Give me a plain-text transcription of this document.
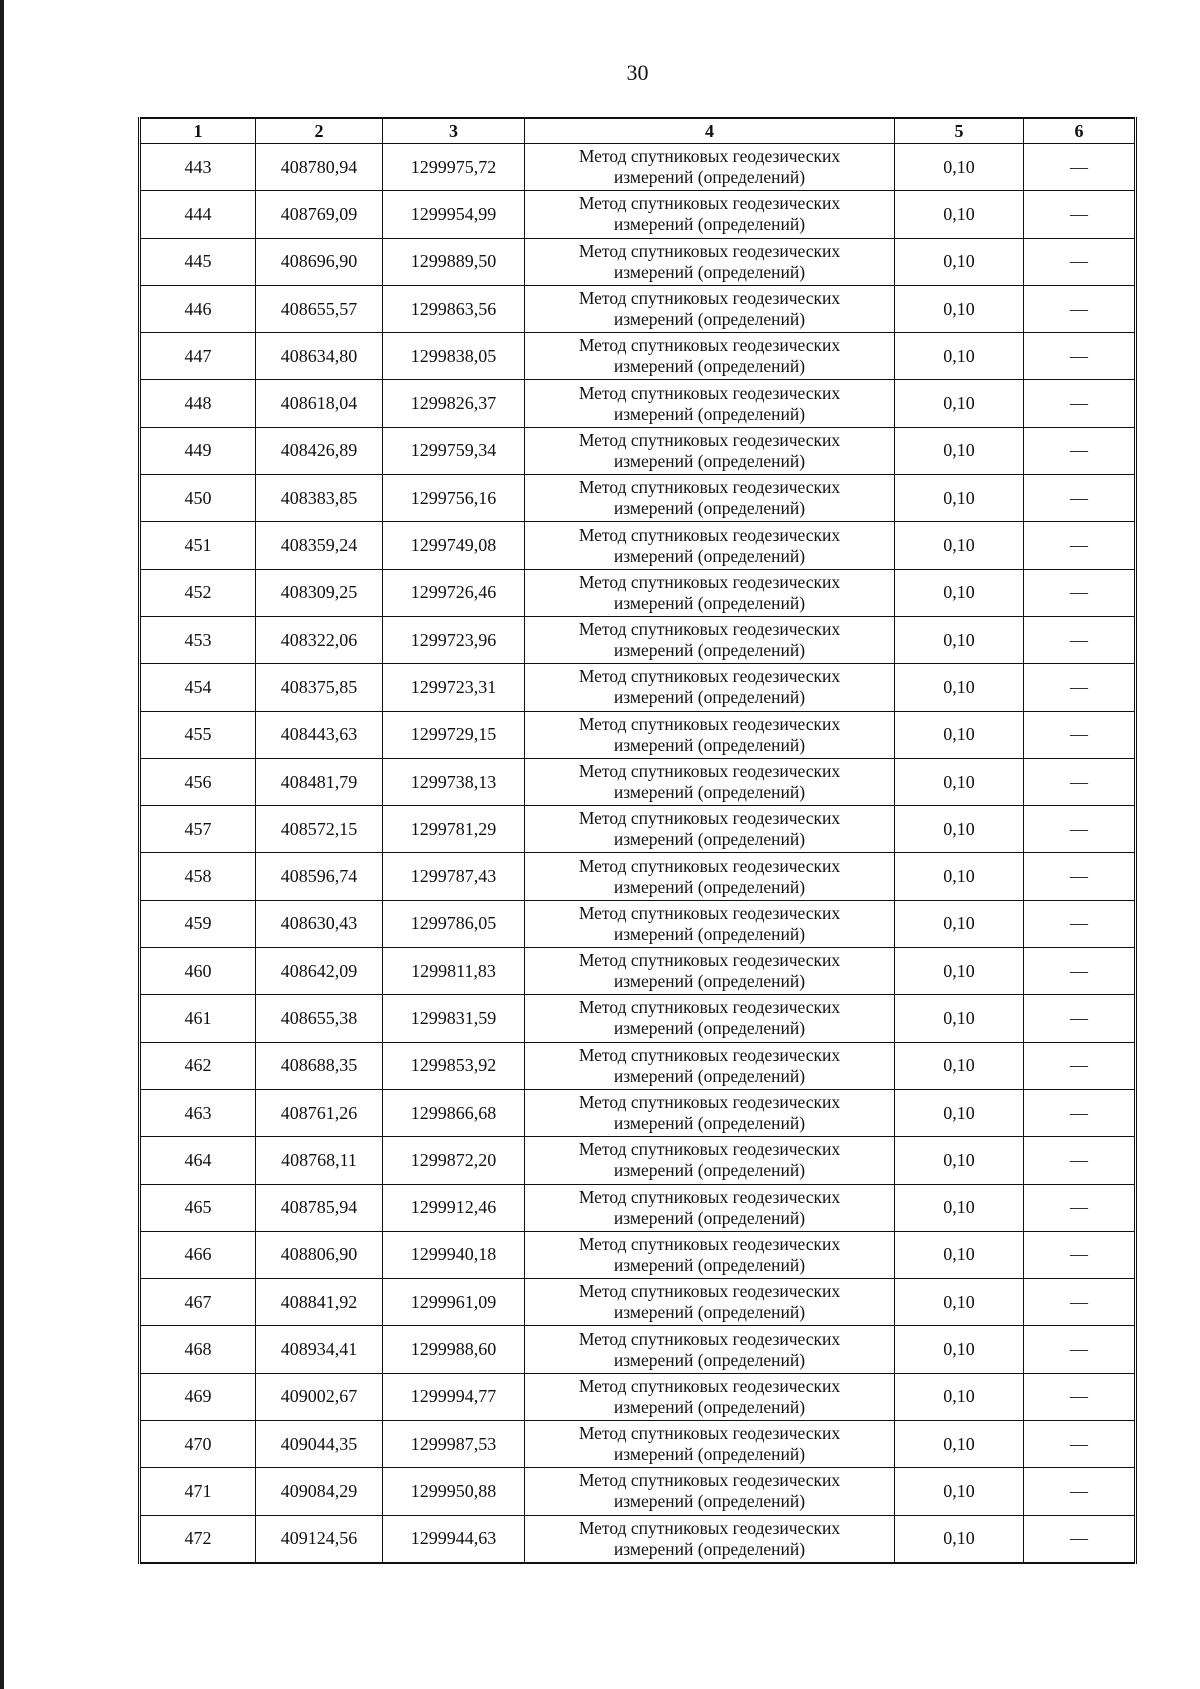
30
1	2	3	4	5	6
443	408780,94	1299975,72	Метод спутниковых геодезических
измерений (определений)	0,10	—
444	408769,09	1299954,99	Метод спутниковых геодезических
измерений (определений)	0,10	—
445	408696,90	1299889,50	Метод спутниковых геодезических
измерений (определений)	0,10	—
446	408655,57	1299863,56	Метод спутниковых геодезических
измерений (определений)	0,10	—
447	408634,80	1299838,05	Метод спутниковых геодезических
измерений (определений)	0,10	—
448	408618,04	1299826,37	Метод спутниковых геодезических
измерений (определений)	0,10	—
449	408426,89	1299759,34	Метод спутниковых геодезических
измерений (определений)	0,10	—
450	408383,85	1299756,16	Метод спутниковых геодезических
измерений (определений)	0,10	—
451	408359,24	1299749,08	Метод спутниковых геодезических
измерений (определений)	0,10	—
452	408309,25	1299726,46	Метод спутниковых геодезических
измерений (определений)	0,10	—
453	408322,06	1299723,96	Метод спутниковых геодезических
измерений (определений)	0,10	—
454	408375,85	1299723,31	Метод спутниковых геодезических
измерений (определений)	0,10	—
455	408443,63	1299729,15	Метод спутниковых геодезических
измерений (определений)	0,10	—
456	408481,79	1299738,13	Метод спутниковых геодезических
измерений (определений)	0,10	—
457	408572,15	1299781,29	Метод спутниковых геодезических
измерений (определений)	0,10	—
458	408596,74	1299787,43	Метод спутниковых геодезических
измерений (определений)	0,10	—
459	408630,43	1299786,05	Метод спутниковых геодезических
измерений (определений)	0,10	—
460	408642,09	1299811,83	Метод спутниковых геодезических
измерений (определений)	0,10	—
461	408655,38	1299831,59	Метод спутниковых геодезических
измерений (определений)	0,10	—
462	408688,35	1299853,92	Метод спутниковых геодезических
измерений (определений)	0,10	—
463	408761,26	1299866,68	Метод спутниковых геодезических
измерений (определений)	0,10	—
464	408768,11	1299872,20	Метод спутниковых геодезических
измерений (определений)	0,10	—
465	408785,94	1299912,46	Метод спутниковых геодезических
измерений (определений)	0,10	—
466	408806,90	1299940,18	Метод спутниковых геодезических
измерений (определений)	0,10	—
467	408841,92	1299961,09	Метод спутниковых геодезических
измерений (определений)	0,10	—
468	408934,41	1299988,60	Метод спутниковых геодезических
измерений (определений)	0,10	—
469	409002,67	1299994,77	Метод спутниковых геодезических
измерений (определений)	0,10	—
470	409044,35	1299987,53	Метод спутниковых геодезических
измерений (определений)	0,10	—
471	409084,29	1299950,88	Метод спутниковых геодезических
измерений (определений)	0,10	—
472	409124,56	1299944,63	Метод спутниковых геодезических
измерений (определений)	0,10	—
